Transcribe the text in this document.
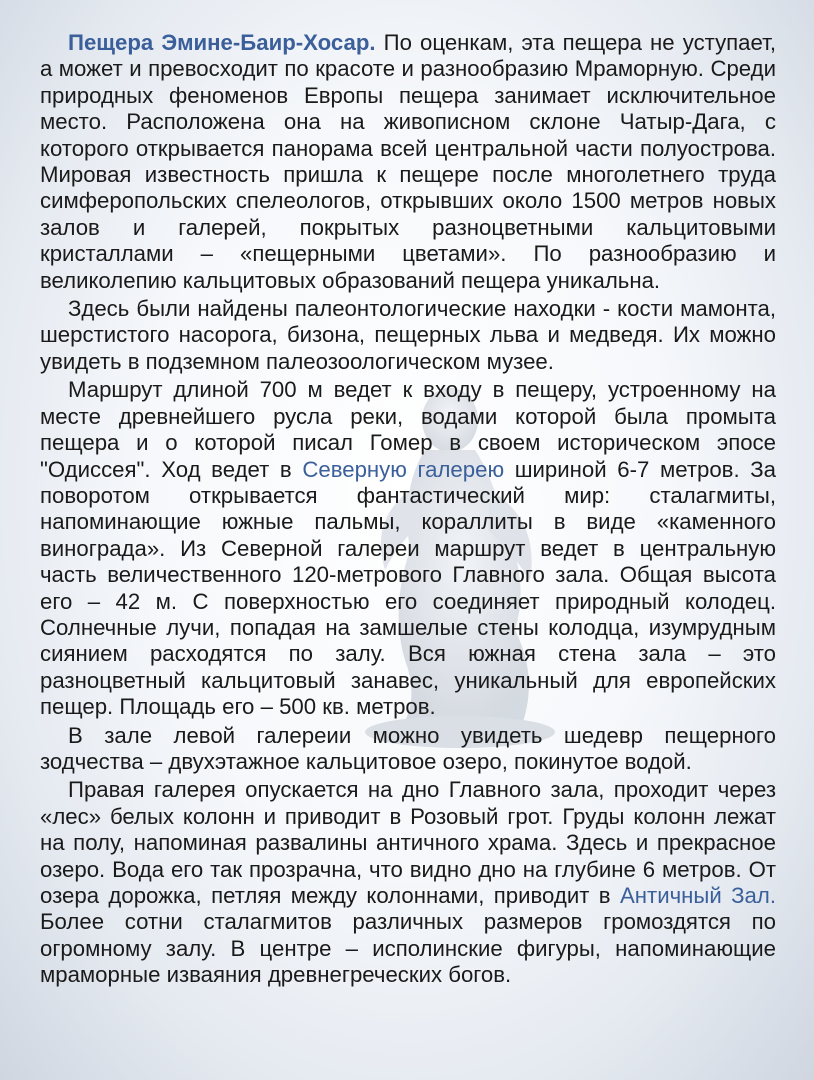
Пещера Эмине-Баир-Хосар. По оценкам, эта пещера не уступает, а может и превосходит по красоте и разнообразию Мраморную. Среди природных феноменов Европы пещера занимает исключительное место. Расположена она на живописном склоне Чатыр-Дага, с которого открывается панорама всей центральной части полуострова. Мировая известность пришла к пещере после многолетнего труда симферопольских спелеологов, открывших около 1500 метров новых залов и галерей, покрытых разноцветными кальцитовыми кристаллами – «пещерными цветами». По разнообразию и великолепию кальцитовых образований пещера уникальна.

Здесь были найдены палеонтологические находки - кости мамонта, шерстистого насорога, бизона, пещерных льва и медведя. Их можно увидеть в подземном палеозоологическом музее.

Маршрут длиной 700 м ведет к входу в пещеру, устроенному на месте древнейшего русла реки, водами которой была промыта пещера и о которой писал Гомер в своем историческом эпосе "Одиссея". Ход ведет в Северную галерею шириной 6-7 метров. За поворотом открывается фантастический мир: сталагмиты, напоминающие южные пальмы, кораллиты в виде «каменного винограда». Из Северной галереи маршрут ведет в центральную часть величественного 120-метрового Главного зала. Общая высота его – 42 м. С поверхностью его соединяет природный колодец. Солнечные лучи, попадая на замшелые стены колодца, изумрудным сиянием расходятся по залу. Вся южная стена зала – это разноцветный кальцитовый занавес, уникальный для европейских пещер. Площадь его – 500 кв. метров.

В зале левой галереии можно увидеть шедевр пещерного зодчества – двухэтажное кальцитовое озеро, покинутое водой.

Правая галерея опускается на дно Главного зала, проходит через «лес» белых колонн и приводит в Розовый грот. Груды колонн лежат на полу, напоминая развалины античного храма. Здесь и прекрасное озеро. Вода его так прозрачна, что видно дно на глубине 6 метров. От озера дорожка, петляя между колоннами, приводит в Античный Зал. Более сотни сталагмитов различных размеров громоздятся по огромному залу. В центре – исполинские фигуры, напоминающие мраморные изваяния древнегреческих богов.
